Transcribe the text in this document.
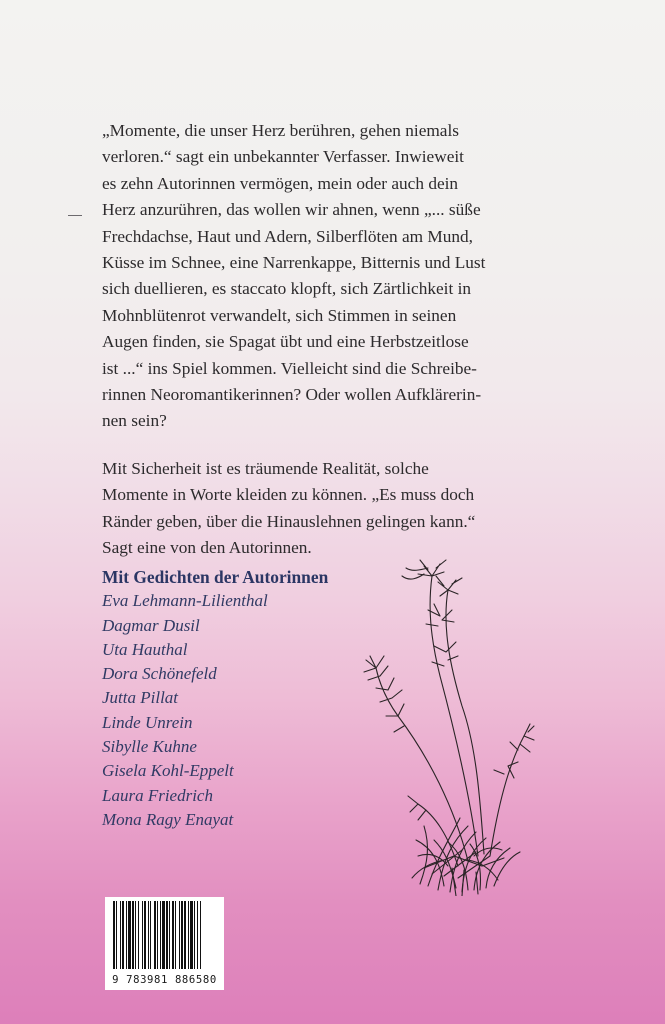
„Momente, die unser Herz berühren, gehen niemals
verloren.“ sagt ein unbekannter Verfasser. Inwieweit
es zehn Autorinnen vermögen, mein oder auch dein
Herz anzurühren, das wollen wir ahnen, wenn „... süße
Frechdachse, Haut und Adern, Silberflöten am Mund,
Küsse im Schnee, eine Narrenkappe, Bitternis und Lust
sich duellieren, es staccato klopft, sich Zärtlichkeit in
Mohnblütenrot verwandelt, sich Stimmen in seinen
Augen finden, sie Spagat übt und eine Herbstzeitlose
ist ...“ ins Spiel kommen. Vielleicht sind die Schreibe-
rinnen Neoromantikerinnen? Oder wollen Aufklärerin-
nen sein?

Mit Sicherheit ist es träumende Realität, solche
Momente in Worte kleiden zu können. „Es muss doch
Ränder geben, über die Hinauslehnen gelingen kann.“
Sagt eine von den Autorinnen.

Mit Gedichten der Autorinnen
Eva Lehmann-Lilienthal
Dagmar Dusil
Uta Hauthal
Dora Schönefeld
Jutta Pillat
Linde Unrein
Sibylle Kuhne
Gisela Kohl-Eppelt
Laura Friedrich
Mona Ragy Enayat
9 783981 886580
